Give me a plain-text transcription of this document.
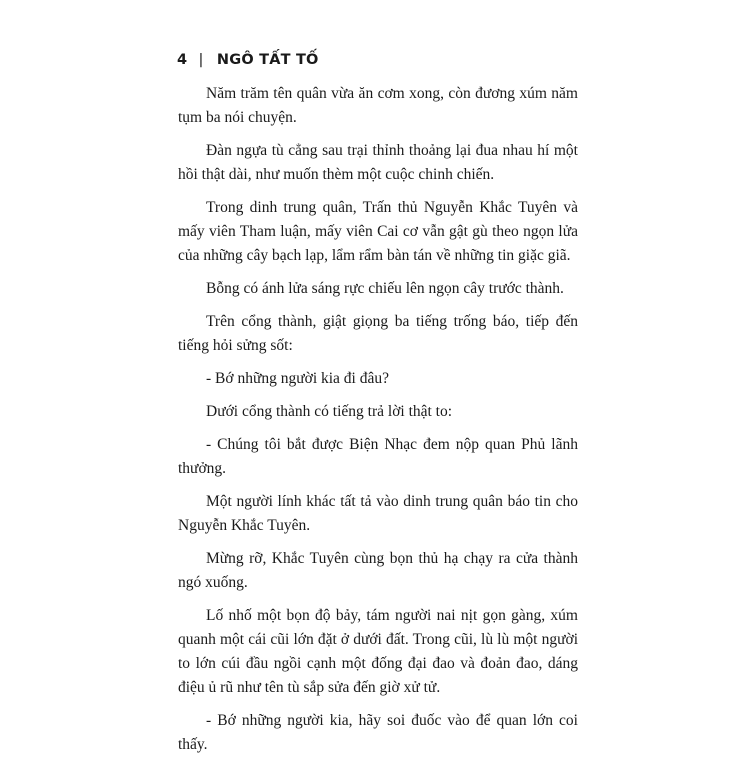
4 | NGÔ TẤT TỐ

Năm trăm tên quân vừa ăn cơm xong, còn đương xúm năm tụm ba nói chuyện.

Đàn ngựa tù cẳng sau trại thỉnh thoảng lại đua nhau hí một hồi thật dài, như muốn thèm một cuộc chinh chiến.

Trong dinh trung quân, Trấn thủ Nguyễn Khắc Tuyên và mấy viên Tham luận, mấy viên Cai cơ vẫn gật gù theo ngọn lửa của những cây bạch lạp, lẩm rẩm bàn tán về những tin giặc giã.

Bỗng có ánh lửa sáng rực chiếu lên ngọn cây trước thành.

Trên cổng thành, giật giọng ba tiếng trống báo, tiếp đến tiếng hỏi sửng sốt:

- Bớ những người kia đi đâu?

Dưới cổng thành có tiếng trả lời thật to:

- Chúng tôi bắt được Biện Nhạc đem nộp quan Phủ lãnh thưởng.

Một người lính khác tất tả vào dinh trung quân báo tin cho Nguyễn Khắc Tuyên.

Mừng rỡ, Khắc Tuyên cùng bọn thủ hạ chạy ra cửa thành ngó xuống.

Lố nhố một bọn độ bảy, tám người nai nịt gọn gàng, xúm quanh một cái cũi lớn đặt ở dưới đất. Trong cũi, lù lù một người to lớn cúi đầu ngồi cạnh một đống đại đao và đoản đao, dáng điệu ủ rũ như tên tù sắp sửa đến giờ xử tử.

- Bớ những người kia, hãy soi đuốc vào để quan lớn coi thấy.
